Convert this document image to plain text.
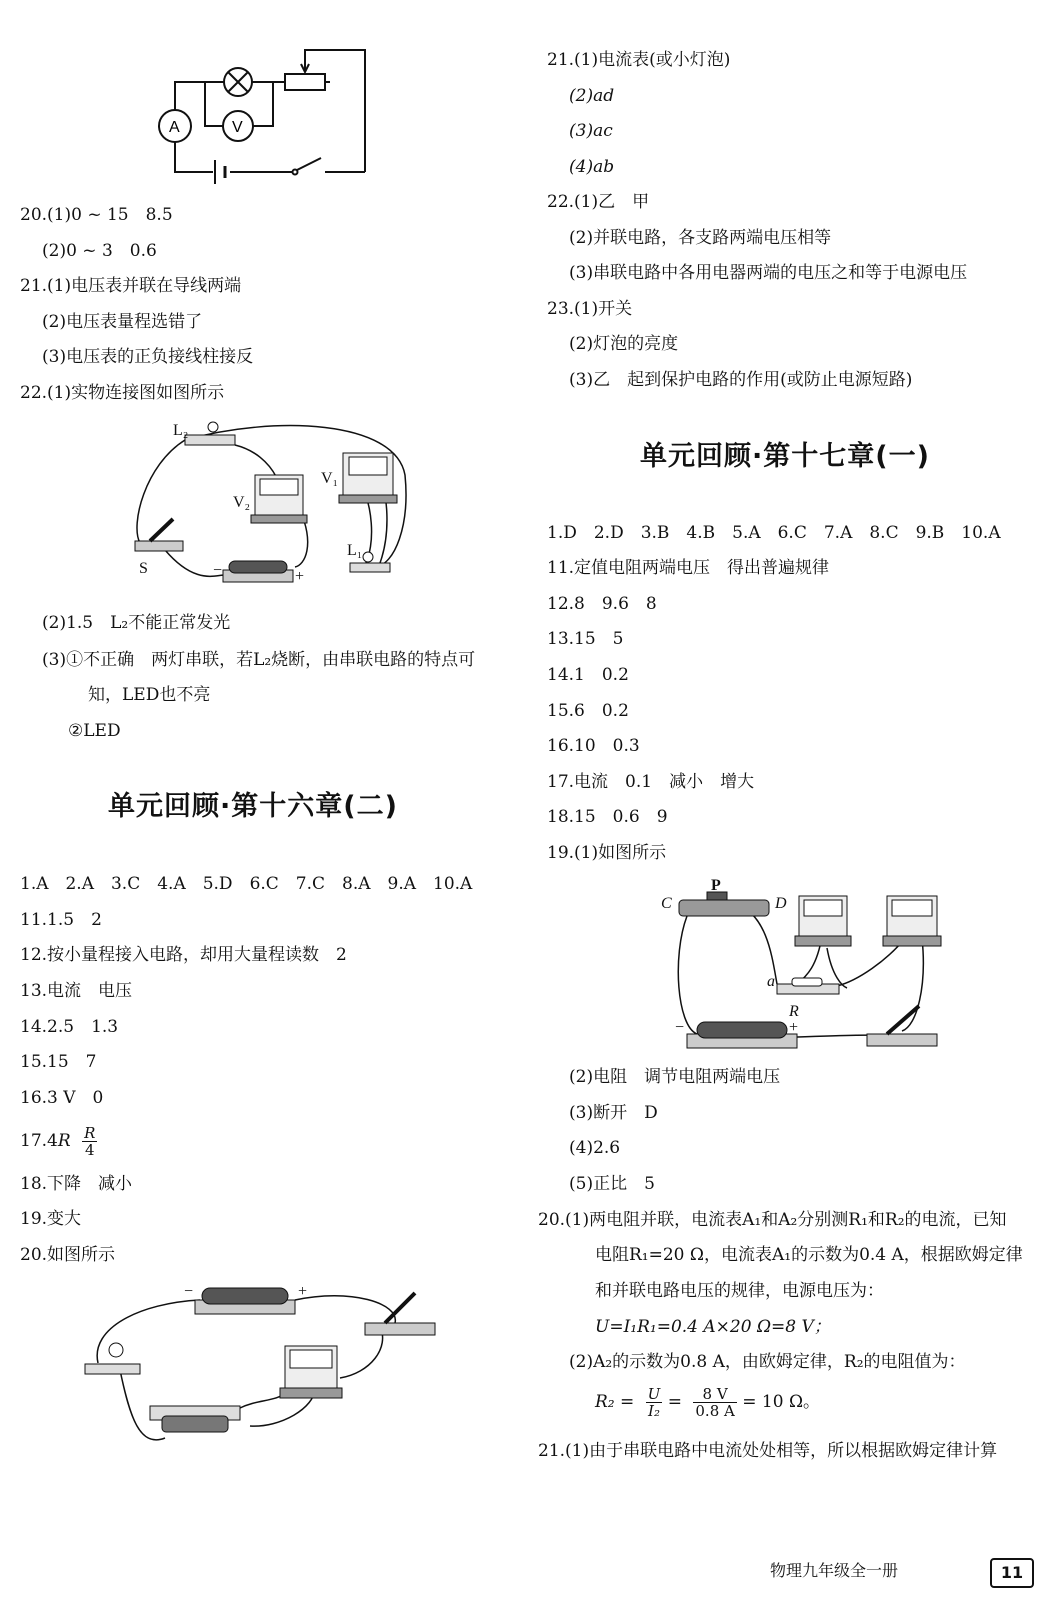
A	V
20.(1)0 ~ 15　8.5
(2)0 ~ 3　0.6
21.(1)电压表并联在导线两端
(2)电压表量程选错了
(3)电压表的正负接线柱接反
22.(1)实物连接图如图所示
L₂
V₂
V₁
L₁
S	−	+
(2)1.5　L₂不能正常发光
(3)①不正确　两灯串联，若L₂烧断，由串联电路的特点可
知，LED也不亮
②LED
单元回顾·第十六章(二)
1.A　2.A　3.C　4.A　5.D　6.C　7.C　8.A　9.A　10.A
11.1.5　2
12.按小量程接入电路，却用大量程读数　2
13.电流　电压
14.2.5　1.3
15.15　7
16.3 V　0
$17.4R \frac{R}{4}$
18.下降　减小
19.变大
20.如图所示
−	+
21.(1)电流表(或小灯泡)
(2)ad
(3)ac
(4)ab
22.(1)乙　甲
(2)并联电路，各支路两端电压相等
(3)串联电路中各用电器两端的电压之和等于电源电压
23.(1)开关
(2)灯泡的亮度
(3)乙　起到保护电路的作用(或防止电源短路)
单元回顾·第十七章(一)
1.D　2.D　3.B　4.B　5.A　6.C　7.A　8.C　9.B　10.A
11.定值电阻两端电压　得出普遍规律
12.8　9.6　8
13.15　5
14.1　0.2
15.6　0.2
16.10　0.3
17.电流　0.1　减小　增大
18.15　0.6　9
19.(1)如图所示
C
P
D
a
R
−	+
(2)电阻　调节电阻两端电压
(3)断开　D
(4)2.6
(5)正比　5
20.(1)两电阻并联，电流表A₁和A₂分别测R₁和R₂的电流，已知
电阻R₁=20 Ω，电流表A₁的示数为0.4 A，根据欧姆定律
和并联电路电压的规律，电源电压为：
U=I₁R₁=0.4 A×20 Ω=8 V；
(2)A₂的示数为0.8 A，由欧姆定律，R₂的电阻值为：
$R_2 = \frac{U}{\text{I₂}} = \frac{8 V}{0.8 A} = 10$ Ω。
21.(1)由于串联电路中电流处处相等，所以根据欧姆定律计算
物理九年级全一册	11
